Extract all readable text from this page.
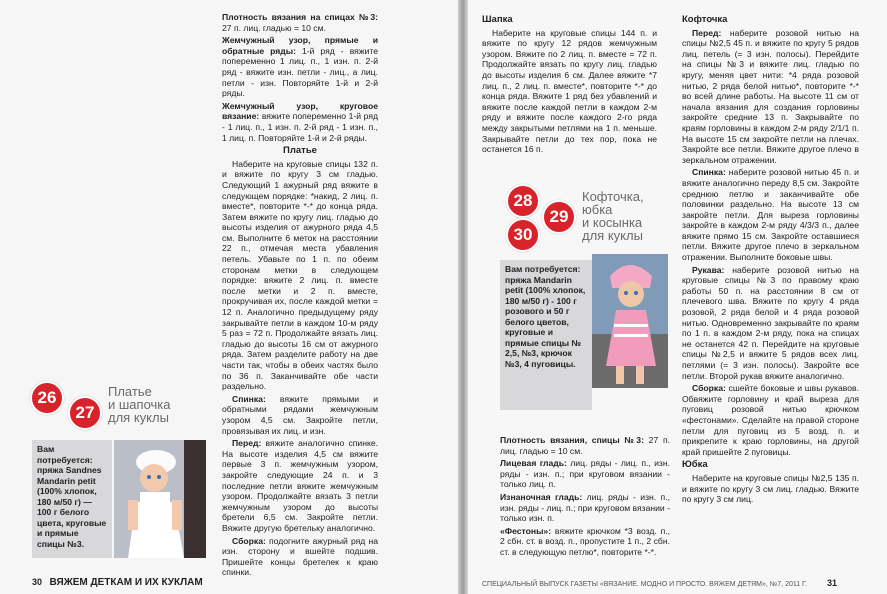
Плотность вязания на спицах №3: 27 п. лиц. гладью = 10 см.

Жемчужный узор, прямые и обратные ряды: 1-й ряд - вяжите попеременно 1 лиц. п., 1 изн. п. 2-й ряд - вяжите изн. петли - лиц., а лиц. петли - изн. Повторяйте 1-й и 2-й ряды.

Жемчужный узор, круговое вязание: вяжите попеременно 1-й ряд - 1 лиц. п., 1 изн. п. 2-й ряд - 1 изн. п., 1 лиц. п. Повторяйте 1-й и 2-й ряды.

Платье

Наберите на круговые спицы 132 п. и вяжите по кругу 3 см гладью. Следующий 1 ажурный ряд вяжите в следующем порядке: *накид, 2 лиц. п. вместе*, повторите *-* до конца ряда. Затем вяжите по кругу лиц. гладью до высоты изделия от ажурного ряда 4,5 см. Выполните 6 меток на расстоянии 22 п., отмечая места убавления петель. Убавьте по 1 п. по обеим сторонам метки в следующем порядке: вяжите 2 лиц. п. вместе после метки и 2 п. вместе, прокручивая их, после каждой метки = 12 п. Аналогично предыдущему ряду закрывайте петли в каждом 10-м ряду 5 раз = 72 п. Продолжайте вязать лиц. гладью до высоты 16 см от ажурного ряда. Затем разделите работу на две части так, чтобы в обеих частях было по 36 п. Заканчивайте обе части раздельно.

Спинка: вяжите прямыми и обратными рядами жемчужным узором 4,5 см. Закройте петли, провязывая их лиц. и изн.

Перед: вяжите аналогично спинке. На высоте изделия 4,5 см вяжите первые 3 п. жемчужным узором, закройте следующие 24 п. и 3 последние петли вяжите жемчужным узором. Продолжайте вязать 3 петли жемчужным узором до высоты бретели 6,5 см. Закройте петли. Вяжите другую бретельку аналогично.

Сборка: подогните ажурный ряд на изн. сторону и вшейте подшив. Пришейте концы бретелек к краю спинки.

26
27
Платье
и шапочка
для куклы
Вам потребуется: пряжа Sandnes Mandarin petit (100% хлопок, 180 м/50 г) — 100 г белого цвета, круговые и прямые спицы №3.
30 ВЯЖЕМ ДЕТКАМ И ИХ КУКЛАМ
Шапка

Наберите на круговые спицы 144 п. и вяжите по кругу 12 рядов жемчужным узором. Вяжите по 2 лиц. п. вместе = 72 п. Продолжайте вязать по кругу лиц. гладью до высоты изделия 6 см. Далее вяжите *7 лиц. п., 2 лиц. п. вместе*, повторите *-* до конца ряда. Вяжите 1 ряд без убавлений и вяжите после каждой петли в каждом 2-м ряду и вяжите после каждого 2-го ряда между закрытыми петлями на 1 п. меньше. Закрывайте петли до тех пор, пока не останется 16 п.

28
29
30
Кофточка,
юбка
и косынка
для куклы
Вам потребуется: пряжа Mandarin petit (100% хлопок, 180 м/50 г) - 100 г розового и 50 г белого цветов, круговые и прямые спицы № 2,5, №3, крючок №3, 4 пуговицы.

Плотность вязания, спицы №3: 27 п. лиц. гладью = 10 см.

Лицевая гладь: лиц. ряды - лиц. п., изн. ряды - изн. п.; при круговом вязании - только лиц. п.

Изнаночная гладь: лиц. ряды - изн. п., изн. ряды - лиц. п.; при круговом вязании - только изн. п.

«Фестоны»: вяжите крючком *3 возд. п., 2 сбн. ст. в возд. п., пропустите 1 п., 2 сбн. ст. в следующую петлю*, повторите *-*.

Кофточка

Перед: наберите розовой нитью на спицы №2,5 45 п. и вяжите по кругу 5 рядов лиц. петель (= 3 изн. полосы). Перейдите на спицы №3 и вяжите лиц. гладью по кругу, меняя цвет нити: *4 ряда розовой нитью, 2 ряда белой нитью*, повторите *-* во всей длине работы. На высоте 11 см от начала вязания для создания горловины закройте средние 13 п. Закрывайте по краям горловины в каждом 2-м ряду 2/1/1 п. На высоте 15 см закройте петли на плечах. Закройте все петли. Вяжите другое плечо в зеркальном отражении.

Спинка: наберите розовой нитью 45 п. и вяжите аналогично переду 8,5 см. Закройте среднюю петлю и заканчивайте обе половинки раздельно. На высоте 13 см закройте петли. Для выреза горловины закройте в каждом 2-м ряду 4/3/3 п., далее вяжите прямо 15 см. Закройте оставшиеся петли. Вяжите другое плечо в зеркальном отражении. Выполните боковые швы.

Рукава: наберите розовой нитью на круговые спицы №3 по правому краю работы 50 п. на расстоянии 8 см от плечевого шва. Вяжите по кругу 4 ряда розовой, 2 ряда белой и 4 ряда розовой нитью. Одновременно закрывайте по краям по 1 п. в каждом 2-м ряду, пока на спицах не останется 42 п. Перейдите на круговые спицы №2,5 и вяжите 5 рядов всех лиц. петлями (= 3 изн. полосы). Закройте все петли. Второй рукав вяжите аналогично.

Сборка: сшейте боковые и швы рукавов. Обвяжите горловину и край выреза для пуговиц розовой нитью крючком «фестонами». Сделайте на правой стороне петли для пуговиц из 5 возд. п. и прикрепите к краю горловины, на другой край пришейте 2 пуговицы.

Юбка

Наберите на круговые спицы №2,5 135 п. и вяжите по кругу 3 см лиц. гладью. Вяжите по кругу 3 см лиц.

СПЕЦИАЛЬНЫЙ ВЫПУСК ГАЗЕТЫ «ВЯЗАНИЕ. МОДНО И ПРОСТО. ВЯЖЕМ ДЕТЯМ», №7, 2011 Г. 31
